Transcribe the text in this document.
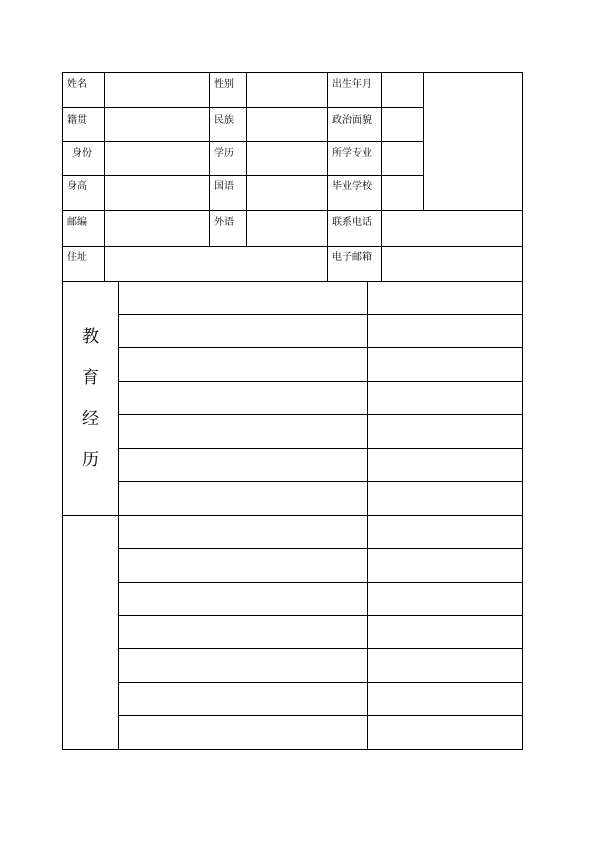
姓名	性别	出生年月
籍贯	民族	政治面貌
身份	学历	所学专业
身高	国语	毕业学校
邮编	外语	联系电话
住址	电子邮箱
教
育
经
历
